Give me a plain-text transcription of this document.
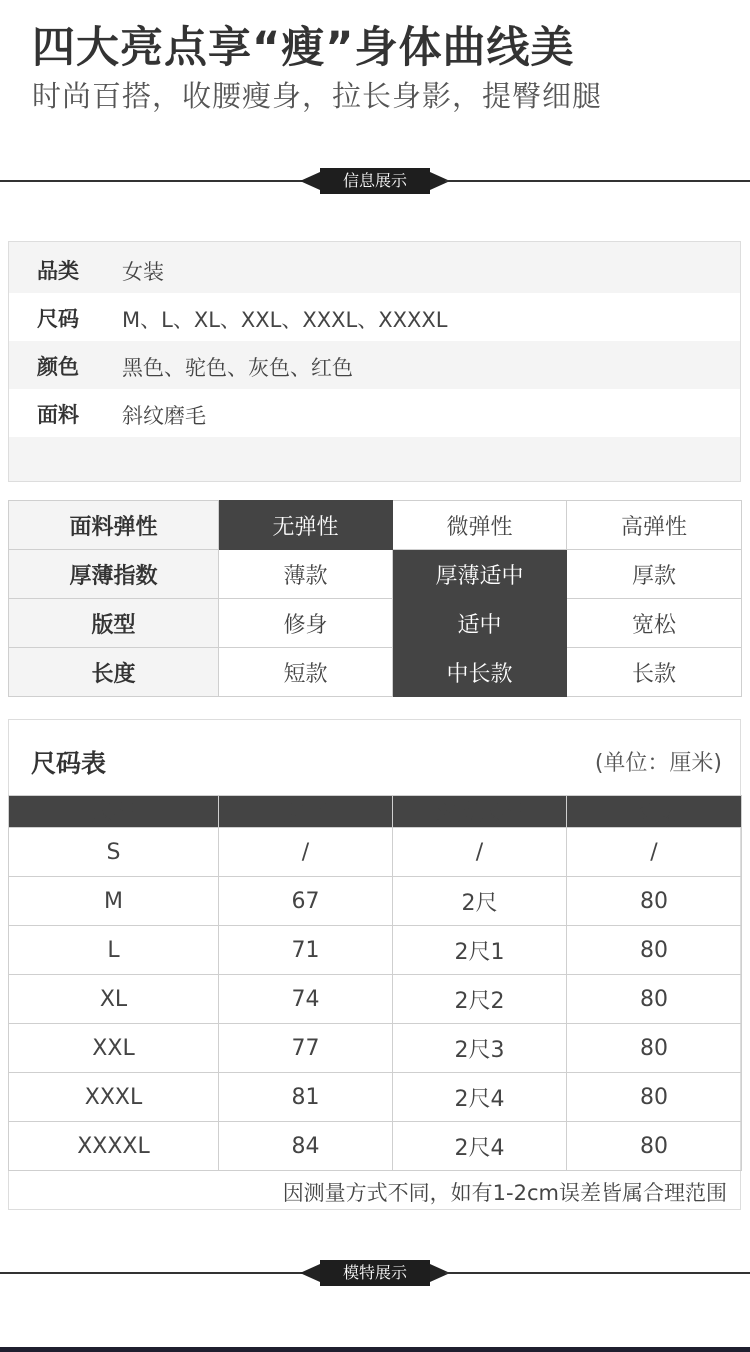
四大亮点享“瘦”身体曲线美
时尚百搭，收腰瘦身，拉长身影，提臀细腿
信息展示
品类 女装
尺码 M、L、XL、XXL、XXXL、XXXXL
颜色 黑色、驼色、灰色、红色
面料 斜纹磨毛
面料弹性	无弹性	微弹性	高弹性
厚薄指数	薄款	厚薄适中	厚款
版型	修身	适中	宽松
长度	短款	中长款	长款
尺码表	(单位：厘米)
因测量方式不同，如有1-2cm误差皆属合理范围
尺码	腰围	对应尺码	长度
S	/	/	/
M	67	2尺	80
L	71	2尺1	80
XL	74	2尺2	80
XXL	77	2尺3	80
XXXL	81	2尺4	80
XXXXL	84	2尺4	80
模特展示
